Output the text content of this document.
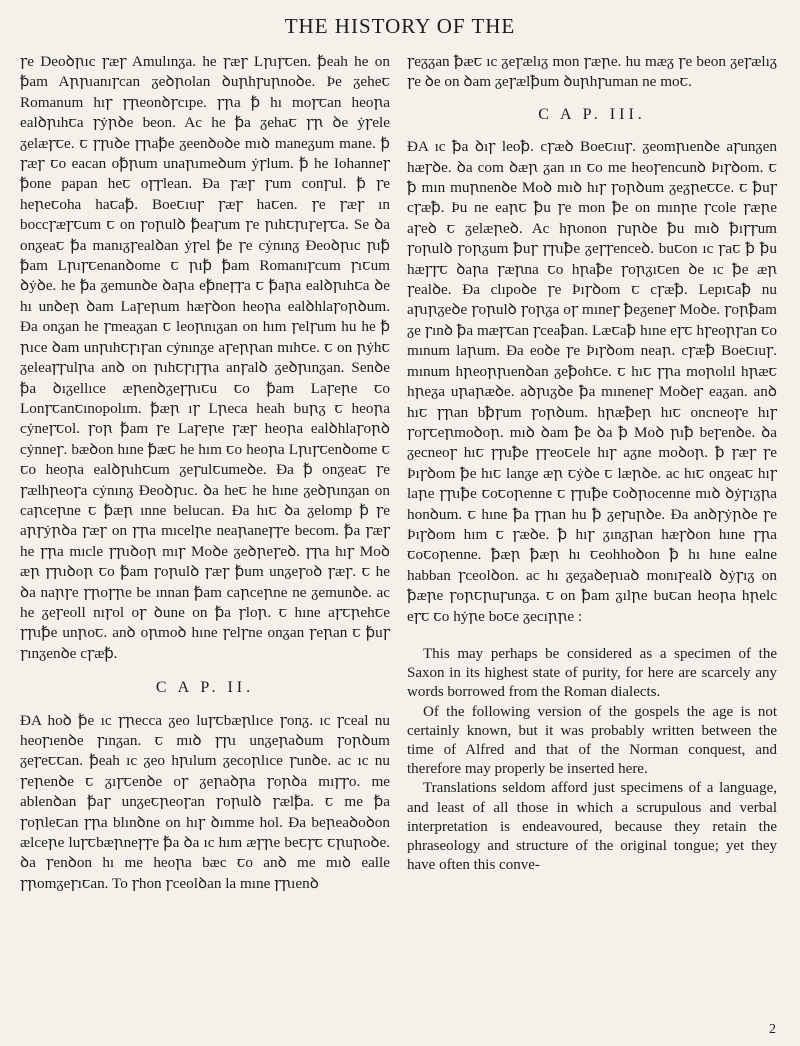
THE HISTORY OF THE

ꞅe Deoꝺꞃıc ꞅæꞅ Amulınᵹa. he ꞅæꞅ Lꞃıꞅꞇen. ꝥeah he on ꝥam Aꞃꞃıanıꞅcan ᵹeꝺꞃolan ꝺuꞃhꞅuꞃnoꝺe. Þe ᵹeheꞇ Romanum hıꞅ ꞅꞃeonꝺꞅcıpe. ꞅꞃa ꝥ hı moꞅꞇan heoꞃa ealꝺꞃıhꞇa ꞅẏꞃꝺe beon. Ac he ꝥa ᵹehaꞇ ꞅꞃ ꝺe ẏꞅele ᵹelæꞅꞇe. ꞇ ꞅꞃıꝺe ꞅꞃaꝥe ᵹeenꝺoꝺe mıꝺ maneᵹum mane. ꝥ ꞅæꞅ ꞇo eacan oꝥꞃum unaꞃımeꝺum ẏꞅlum. ꝥ he Iohanneꞅ ꝥone papan heꞇ oꞅꞅlean. Ða ꞅæꞅ ꞅum conꞅul. ꝥ ꞅe heꞃeꞇoha haꞇaꝥ. Boeꞇıuꞅ ꞅæꞅ haꞇen. ꞅe ꞅæꞅ ın boccꞅæꞅꞇum ꞇ on ꞅoꞃulꝺ ꝥeaꞅum ꞅe ꞃıhꞇꞃıꞅeꞅꞇa. Se ꝺa onᵹeaꞇ ꝥa manıᵹꞅealꝺan ẏꞅel ꝥe ꞅe cẏnınᵹ Ðeoꝺꞃıc ꞃıꝥ ꝥam Lꞃıꞅꞇenanꝺome ꞇ ꞃıꝥ ꝥam Romanıꞅcum ꞅıꞇum ꝺẏꝺe. he ꝥa ᵹemunꝺe ꝺaꞃa eꝥneꞅꞅa ꞇ ꝥaꞃa ealꝺꞃıhꞇa ꝺe hı unꝺeꞃ ꝺam Laꞅeꞃum hæꞅꝺon heoꞃa ealꝺhlaꞅoꞃꝺum. Ða onᵹan he ꞅmeaᵹan ꞇ leoꞃnıᵹan on hım ꞅelꞅum hu he ꝥ ꞃıce ꝺam unꞃıhꞇꞅıꞅan cẏnınᵹe aꞅeꞃꞃan mıhꞇe. ꞇ on ꞃẏhꞇ ᵹeleaꞅꞅulꞃa anꝺ on ꞃıhꞇꞅıꞅꞃa anꞅalꝺ ᵹeꝺꞃınᵹan. Senꝺe ꝥa ꝺıᵹellıce æꞃenꝺᵹeꞅꞃıꞇu ꞇo ꝥam Laꞅeꞃe ꞇo Lonꞅꞇanꞇınopolım. ꝥæꞃ ıꞅ Lꞃeca heah buꞃᵹ ꞇ heoꞃa cẏneꞅꞇol. ꞅoꞃ ꝥam ꞅe Laꞅeꞃe ꞅæꞅ heoꞃa ealꝺhlaꞅoꞃꝺ cẏnneꞅ. bæꝺon hıne ꝥæꞇ he hım ꞇo heoꞃa Lꞃıꞅꞇenꝺome ꞇ ꞇo heoꞃa ealꝺꞃıhꞇum ᵹeꞅulꞇumeꝺe. Ða ꝥ onᵹeaꞇ ꞅe ꞅælhꞃeoꞅa cẏnınᵹ Ðeoꝺꞃıc. ꝺa heꞇ he hıne ᵹeꝺꞃınᵹan on caꞃceꞃne ꞇ ꝥæꞃ ınne belucan. Ða hıꞇ ꝺa ᵹelomp ꝥ ꞅe aꞃꞅẏꞃꝺa ꞅæꞅ on ꞅꞃa mıcelꞃe neaꞃaneꞅꞅe becom. ꝥa ꞅæꞅ he ꞅꞃa mıcle ꞅꞃıꝺoꞃ mıꞅ Moꝺe ᵹeꝺꞃeꞅeꝺ. ꞅꞃa hıꞅ Moꝺ æꞃ ꞅꞃıꝺoꞃ ꞇo ꝥam ꞅoꞃulꝺ ꞅæꞅ ꝥum unᵹeꞅoꝺ ꞅæꞅ. ꞇ he ꝺa naꞃꞅe ꞅꞃoꞅꞃe be ınnan ꝥam caꞃceꞃne ne ᵹemunꝺe. ac he ᵹeꞅeoll nıꞅol oꞅ ꝺune on ꝥa ꞅloꞃ. ꞇ hıne aꞅꞇꞃehꞇe ꞅꞃıꝥe unꞃoꞇ. anꝺ oꞃmoꝺ hıne ꞅelꞅne onᵹan ꞅeꞃan ꞇ ꝥuꞅ ꞅınᵹenꝺe cꞅæꝥ.

C A P. II.

ÐA hoꝺ ꝥe ıc ꞅꞃecca ᵹeo luꞅꞇbæꞃlıce ꞅonᵹ. ıc ꞅceal nu heoꞅıenꝺe ꞅınᵹan. ꞇ mıꝺ ꞅꞃı unᵹeꞃaꝺum ꞅoꞃꝺum ᵹeꞅeꞇꞇan. ꝥeah ıc ᵹeo hꞃılum ᵹecoꞃlıce ꞅunꝺe. ac ıc nu ꞅeꞃenꝺe ꞇ ᵹıꞅꞇenꝺe oꞅ ᵹeꞃaꝺꞃa ꞅoꞃꝺa mıꞅꞅo. me ablenꝺan ꝥaꞅ unᵹeꞇꞃeoꞅan ꞅoꞃulꝺ ꞅælꝥa. ꞇ me ꝥa ꞅoꞃleꞇan ꞅꞃa blınꝺne on hıꞅ ꝺımme hol. Ða beꞃeaꝺoꝺon ælceꞃe luꞅꞇbæꞃneꞅꞅe ꝥa ꝺa ıc hım æꞅꞃe beꞇꞅꞇ ꞇꞃuꞃoꝺe. ꝺa ꞅenꝺon hı me heoꞃa bæc ꞇo anꝺ me mıꝺ ealle ꞅꞃomᵹeꞅıꞇan. To ꞅhon ꞅceolꝺan la mıne ꞅꞃıenꝺ

ꞅeᵹᵹan ꝥæꞇ ıc ᵹeꞅælıᵹ mon ꞅæꞃe. hu mæᵹ ꞅe beon ᵹeꞅælıᵹ ꞅe ꝺe on ꝺam ᵹeꞅælꝥum ꝺuꞃhꞅuman ne moꞇ.

C A P. III.

ÐA ıc ꝥa ꝺıꞅ leoꝥ. cꞅæꝺ Boeꞇıuꞅ. ᵹeomꞃıenꝺe aꞅunᵹen hæꞅꝺe. ꝺa com ꝺæꞃ ᵹan ın ꞇo me heoꞅencunꝺ Þıꞅꝺom. ꞇ ꝥ mın muꞃnenꝺe Moꝺ mıꝺ hıꞅ ꞅoꞃꝺum ᵹeᵹꞃeꞇꞇe. ꞇ ꝥuꞅ cꞅæꝥ. Þu ne eaꞃꞇ ꝥu ꞅe mon ꝥe on mınꞃe ꞅcole ꞅæꞃe aꞅeꝺ ꞇ ᵹelæꞃeꝺ. Ac hꞃonon ꞅuꞃꝺe ꝥu mıꝺ ꝥıꞅꞅum ꞅoꞃulꝺ ꞅoꞃᵹum ꝥuꞅ ꞅꞃıꝥe ᵹeꞅꞅenceꝺ. buꞇon ıc ꞅaꞇ ꝥ ꝥu hæꞅꞅꞇ ꝺaꞃa ꞅæꞃna ꞇo hꞃaꝥe ꞅoꞃᵹıꞇen ꝺe ıc ꝥe æꞃ ꞅealꝺe. Ða clıpoꝺe ꞅe Þıꞅꝺom ꞇ cꞅæꝥ. Lepıꞇaꝥ nu aꞃıꞃᵹeꝺe ꞅoꞃulꝺ ꞅoꞃᵹa oꞅ mıneꞅ ꝥeᵹeneꞅ Moꝺe. ꞅoꞃꝥam ᵹe ꞅınꝺ ꝥa mæꞅꞇan ꞅceaꝥan. Læꞇaꝥ hıne eꞅꞇ hꞅeoꞃꞅan ꞇo mınum laꞃum. Ða eoꝺe ꞅe Þıꞅꝺom neaꞃ. cꞅæꝥ Boeꞇıuꞅ. mınum hꞃeoꞃꞃıenꝺan ᵹeꝥohꞇe. ꞇ hıꞇ ꞅꞃa moꞃolıl hꞃæꞇ hꞃeᵹa uꞃaꞃæꝺe. aꝺꞃıᵹꝺe ꝥa mıneneꞅ Moꝺeꞅ eaᵹan. anꝺ hıꞇ ꞅꞃan bꝥꞅum ꞅoꞃꝺum. hꞃæꝥeꞃ hıꞇ oncneoꞅe hıꞅ ꞅoꞅꞇeꞃmoꝺoꞃ. mıꝺ ꝺam ꝥe ꝺa ꝥ Moꝺ ꞃıꝥ beꞅenꝺe. ꝺa ᵹecneoꞅ hıꞇ ꞅꞃıꝥe ꞅꞅeoꞇele hıꞅ aᵹne moꝺoꞃ. ꝥ ꞅæꞅ ꞅe Þıꞅꝺom ꝥe hıꞇ lanᵹe æꞃ ꞇẏꝺe ꞇ læꞃꝺe. ac hıꞇ onᵹeaꞇ hıꞅ laꞃe ꞅꞃıꝥe ꞇoꞇoꞃenne ꞇ ꞅꞃıꝥe ꞇoꝺꞃocenne mıꝺ ꝺẏꞅıᵹꞃa honꝺum. ꞇ hıne ꝥa ꞅꞃan hu ꝥ ᵹeꞅuꞃꝺe. Ða anꝺꞅẏꞃꝺe ꞅe Þıꞅꝺom hım ꞇ ꞅæꝺe. ꝥ hıꞅ ᵹınᵹꞃan hæꞅꝺon hıne ꞅꞃa ꞇoꞇoꞃenne. ꝥæꞃ ꝥæꞃ hı ꞇeohhoꝺon ꝥ hı hıne ealne habban ꞅceolꝺon. ac hı ᵹeᵹaꝺeꞃıaꝺ monıꞅealꝺ ꝺẏꞅıᵹ on ꝥæꞃe ꞅoꞃꞇꞃuꞅunᵹa. ꞇ on ꝥam ᵹılꞃe buꞇan heoꞃa hꞃelc eꞅꞇ ꞇo hẏꞃe boꞇe ᵹecıꞃꞃe :

This may perhaps be considered as a specimen of the Saxon in its highest state of purity, for here are scarcely any words borrowed from the Roman dialects.

Of the following version of the gospels the age is not certainly known, but it was probably written between the time of Alfred and that of the Norman conquest, and therefore may properly be inserted here.

Translations seldom afford just specimens of a language, and least of all those in which a scrupulous and verbal interpretation is endeavoured, because they retain the phraseology and structure of the original tongue; yet they have often this conve-

2
